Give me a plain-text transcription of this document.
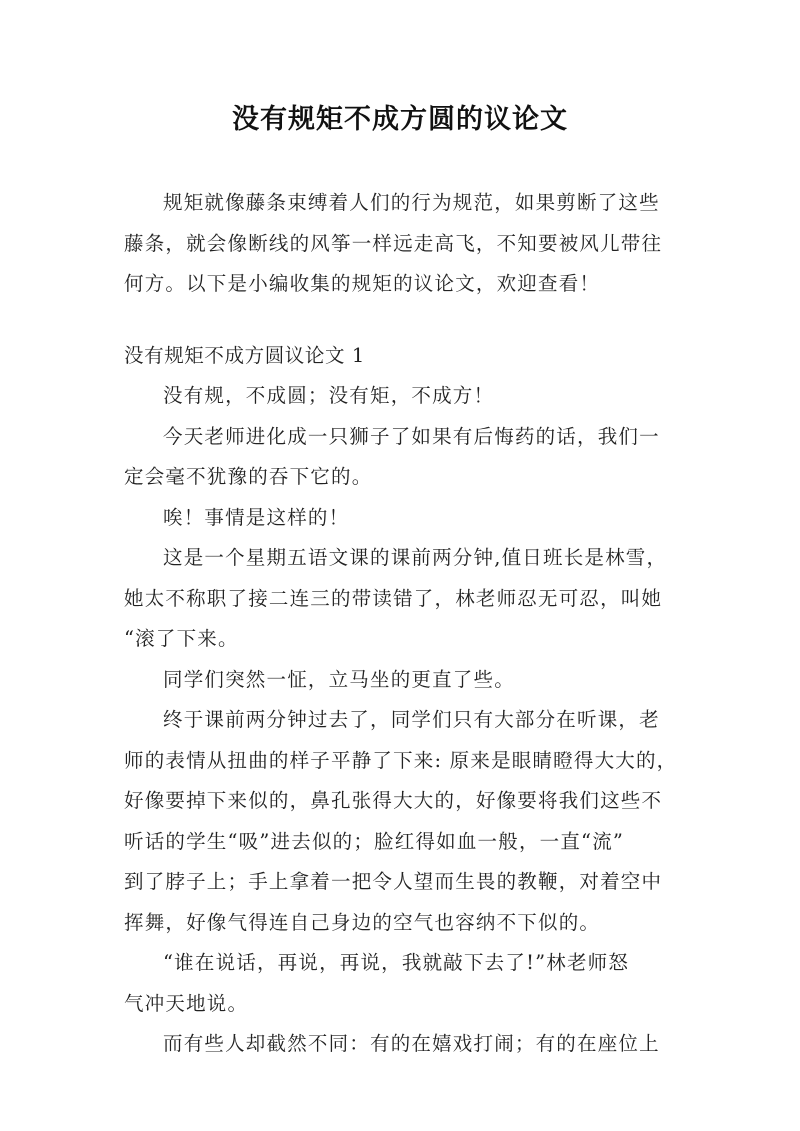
没有规矩不成方圆的议论文

规矩就像藤条束缚着人们的行为规范，如果剪断了这些
藤条，就会像断线的风筝一样远走高飞，不知要被风儿带往
何方。以下是小编收集的规矩的议论文，欢迎查看！

没有规矩不成方圆议论文 1

没有规，不成圆；没有矩，不成方！

今天老师进化成一只狮子了如果有后悔药的话，我们一
定会毫不犹豫的吞下它的。

唉！事情是这样的！

这是一个星期五语文课的课前两分钟,值日班长是林雪，
她太不称职了接二连三的带读错了，林老师忍无可忍，叫她
“滚了下来。

同学们突然一怔，立马坐的更直了些。

终于课前两分钟过去了，同学们只有大部分在听课，老
师的表情从扭曲的样子平静了下来: 原来是眼睛瞪得大大的，
好像要掉下来似的，鼻孔张得大大的，好像要将我们这些不
听话的学生“吸”进去似的；脸红得如血一般，一直“流”
到了脖子上；手上拿着一把令人望而生畏的教鞭，对着空中
挥舞，好像气得连自己身边的空气也容纳不下似的。

“谁在说话，再说，再说，我就敲下去了!”林老师怒
气冲天地说。

而有些人却截然不同：有的在嬉戏打闹；有的在座位上
